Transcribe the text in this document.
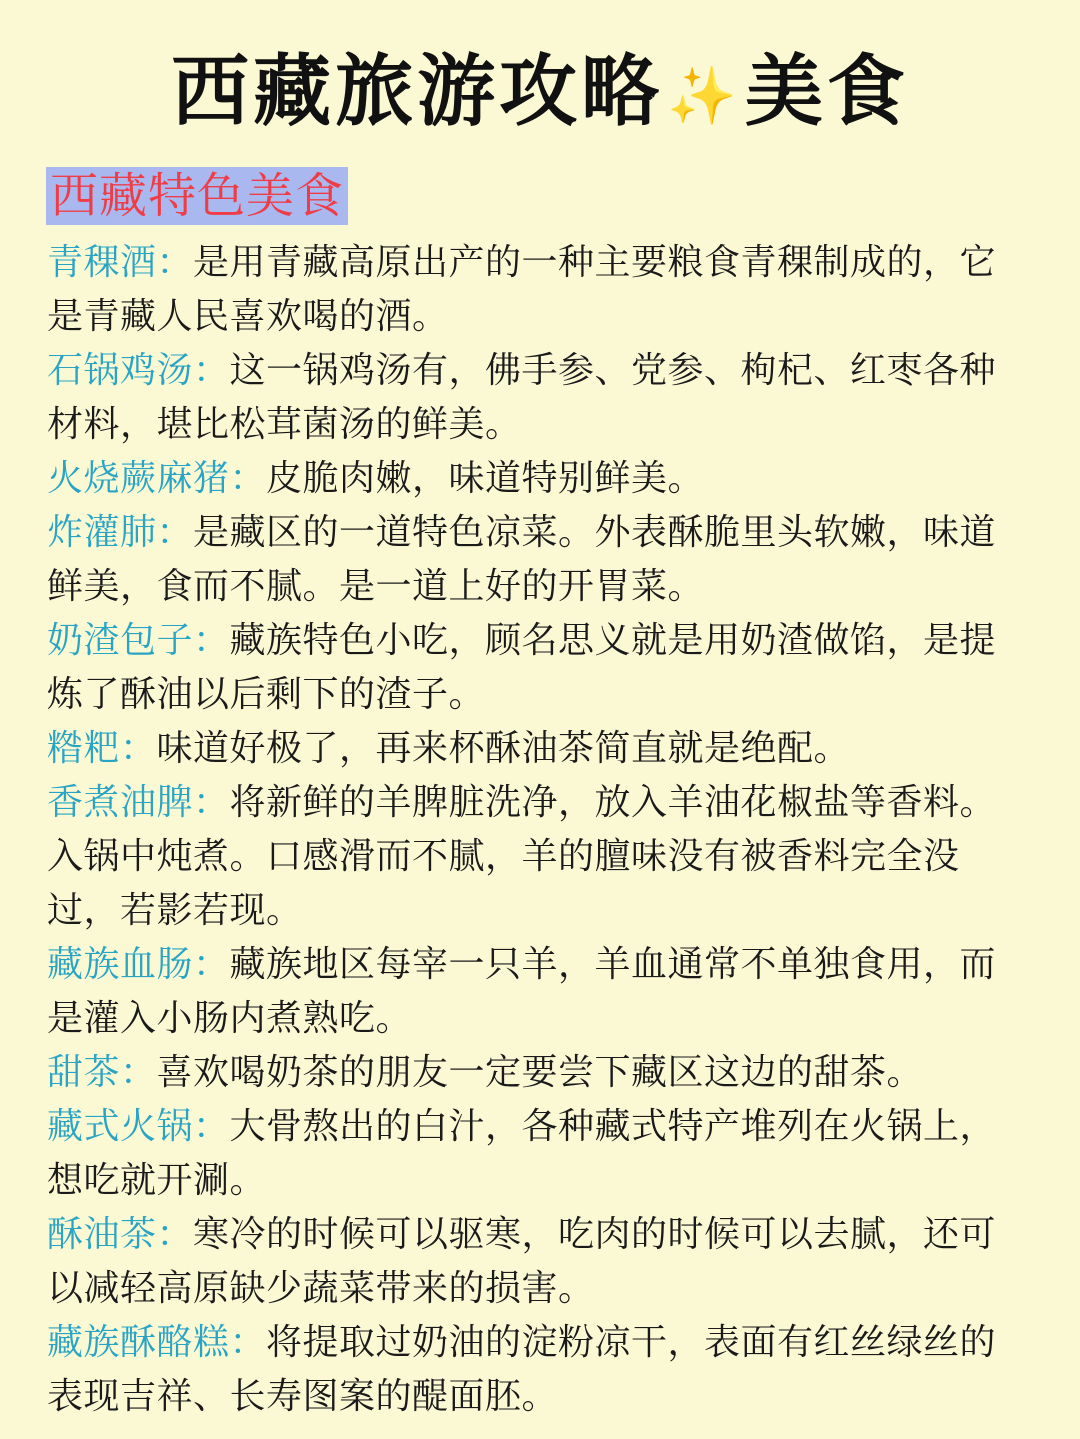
西藏旅游攻略✨美食
西藏特色美食
青稞酒：是用青藏高原出产的一种主要粮食青稞制成的，它是青藏人民喜欢喝的酒。
石锅鸡汤：这一锅鸡汤有，佛手参、党参、枸杞、红枣各种材料，堪比松茸菌汤的鲜美。
火烧蕨麻猪：皮脆肉嫩，味道特别鲜美。
炸灌肺：是藏区的一道特色凉菜。外表酥脆里头软嫩，味道鲜美，食而不腻。是一道上好的开胃菜。
奶渣包子：藏族特色小吃，顾名思义就是用奶渣做馅，是提炼了酥油以后剩下的渣子。
糌粑：味道好极了，再来杯酥油茶简直就是绝配。
香煮油脾：将新鲜的羊脾脏洗净，放入羊油花椒盐等香料。入锅中炖煮。口感滑而不腻，羊的膻味没有被香料完全没过，若影若现。
藏族血肠：藏族地区每宰一只羊，羊血通常不单独食用，而是灌入小肠内煮熟吃。
甜茶：喜欢喝奶茶的朋友一定要尝下藏区这边的甜茶。
藏式火锅：大骨熬出的白汁，各种藏式特产堆列在火锅上，想吃就开涮。
酥油茶：寒冷的时候可以驱寒，吃肉的时候可以去腻，还可以减轻高原缺少蔬菜带来的损害。
藏族酥酪糕：将提取过奶油的淀粉凉干，表面有红丝绿丝的表现吉祥、长寿图案的醍面胚。
